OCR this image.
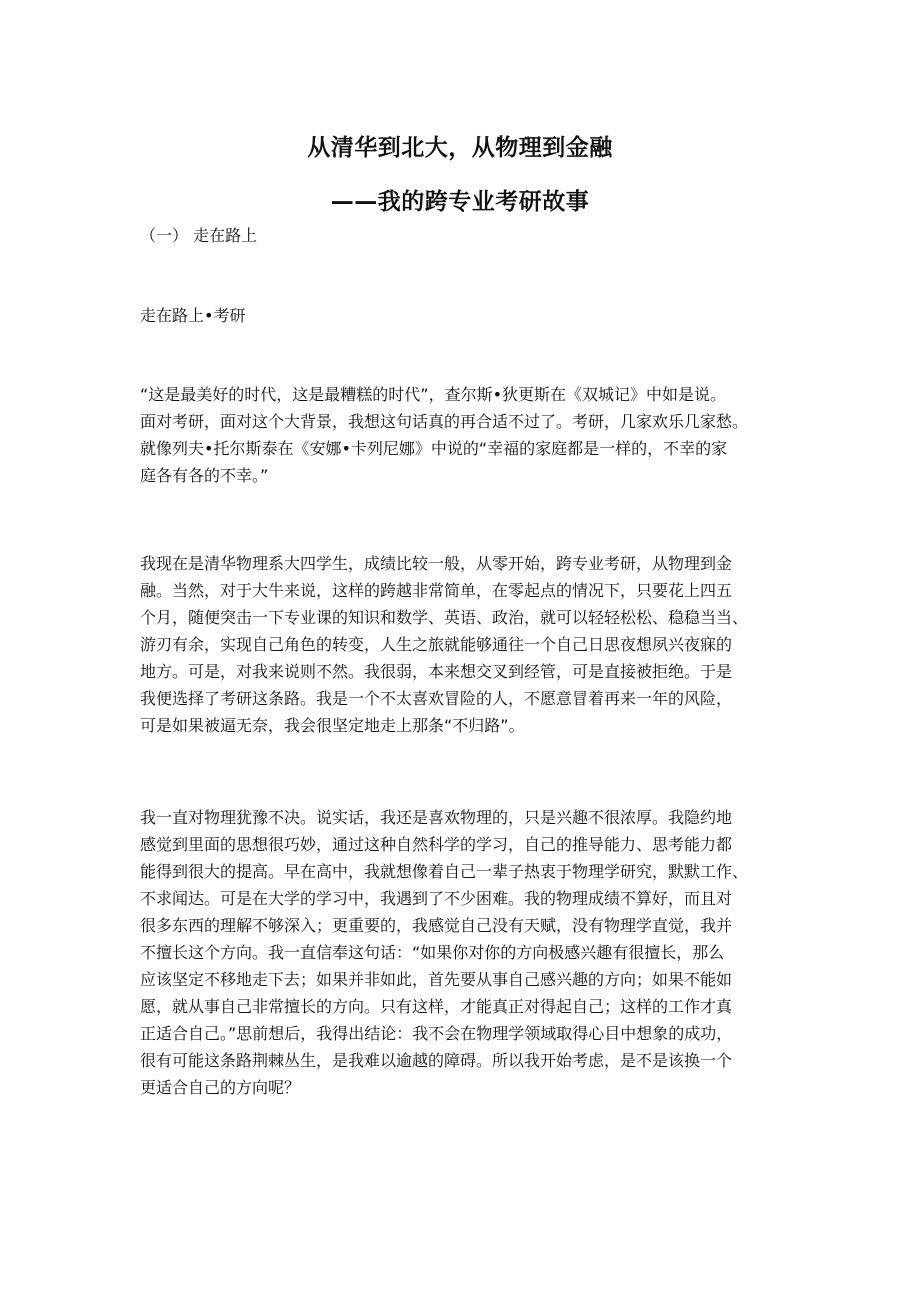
从清华到北大，从物理到金融
——我的跨专业考研故事
（一） 走在路上
走在路上•考研

“这是最美好的时代，这是最糟糕的时代”，查尔斯•狄更斯在《双城记》中如是说。
面对考研，面对这个大背景，我想这句话真的再合适不过了。考研，几家欢乐几家愁。
就像列夫•托尔斯泰在《安娜•卡列尼娜》中说的“幸福的家庭都是一样的，不幸的家
庭各有各的不幸。”

我现在是清华物理系大四学生，成绩比较一般，从零开始，跨专业考研，从物理到金
融。当然，对于大牛来说，这样的跨越非常简单，在零起点的情况下，只要花上四五
个月，随便突击一下专业课的知识和数学、英语、政治，就可以轻轻松松、稳稳当当、
游刃有余，实现自己角色的转变，人生之旅就能够通往一个自己日思夜想夙兴夜寐的
地方。可是，对我来说则不然。我很弱，本来想交叉到经管，可是直接被拒绝。于是
我便选择了考研这条路。我是一个不太喜欢冒险的人，不愿意冒着再来一年的风险，
可是如果被逼无奈，我会很坚定地走上那条“不归路”。

我一直对物理犹豫不决。说实话，我还是喜欢物理的，只是兴趣不很浓厚。我隐约地
感觉到里面的思想很巧妙，通过这种自然科学的学习，自己的推导能力、思考能力都
能得到很大的提高。早在高中，我就想像着自己一辈子热衷于物理学研究，默默工作、
不求闻达。可是在大学的学习中，我遇到了不少困难。我的物理成绩不算好，而且对
很多东西的理解不够深入；更重要的，我感觉自己没有天赋，没有物理学直觉，我并
不擅长这个方向。我一直信奉这句话：“如果你对你的方向极感兴趣有很擅长，那么
应该坚定不移地走下去；如果并非如此，首先要从事自己感兴趣的方向；如果不能如
愿，就从事自己非常擅长的方向。只有这样，才能真正对得起自己；这样的工作才真
正适合自己。”思前想后，我得出结论：我不会在物理学领域取得心目中想象的成功，
很有可能这条路荆棘丛生，是我难以逾越的障碍。所以我开始考虑，是不是该换一个
更适合自己的方向呢？
